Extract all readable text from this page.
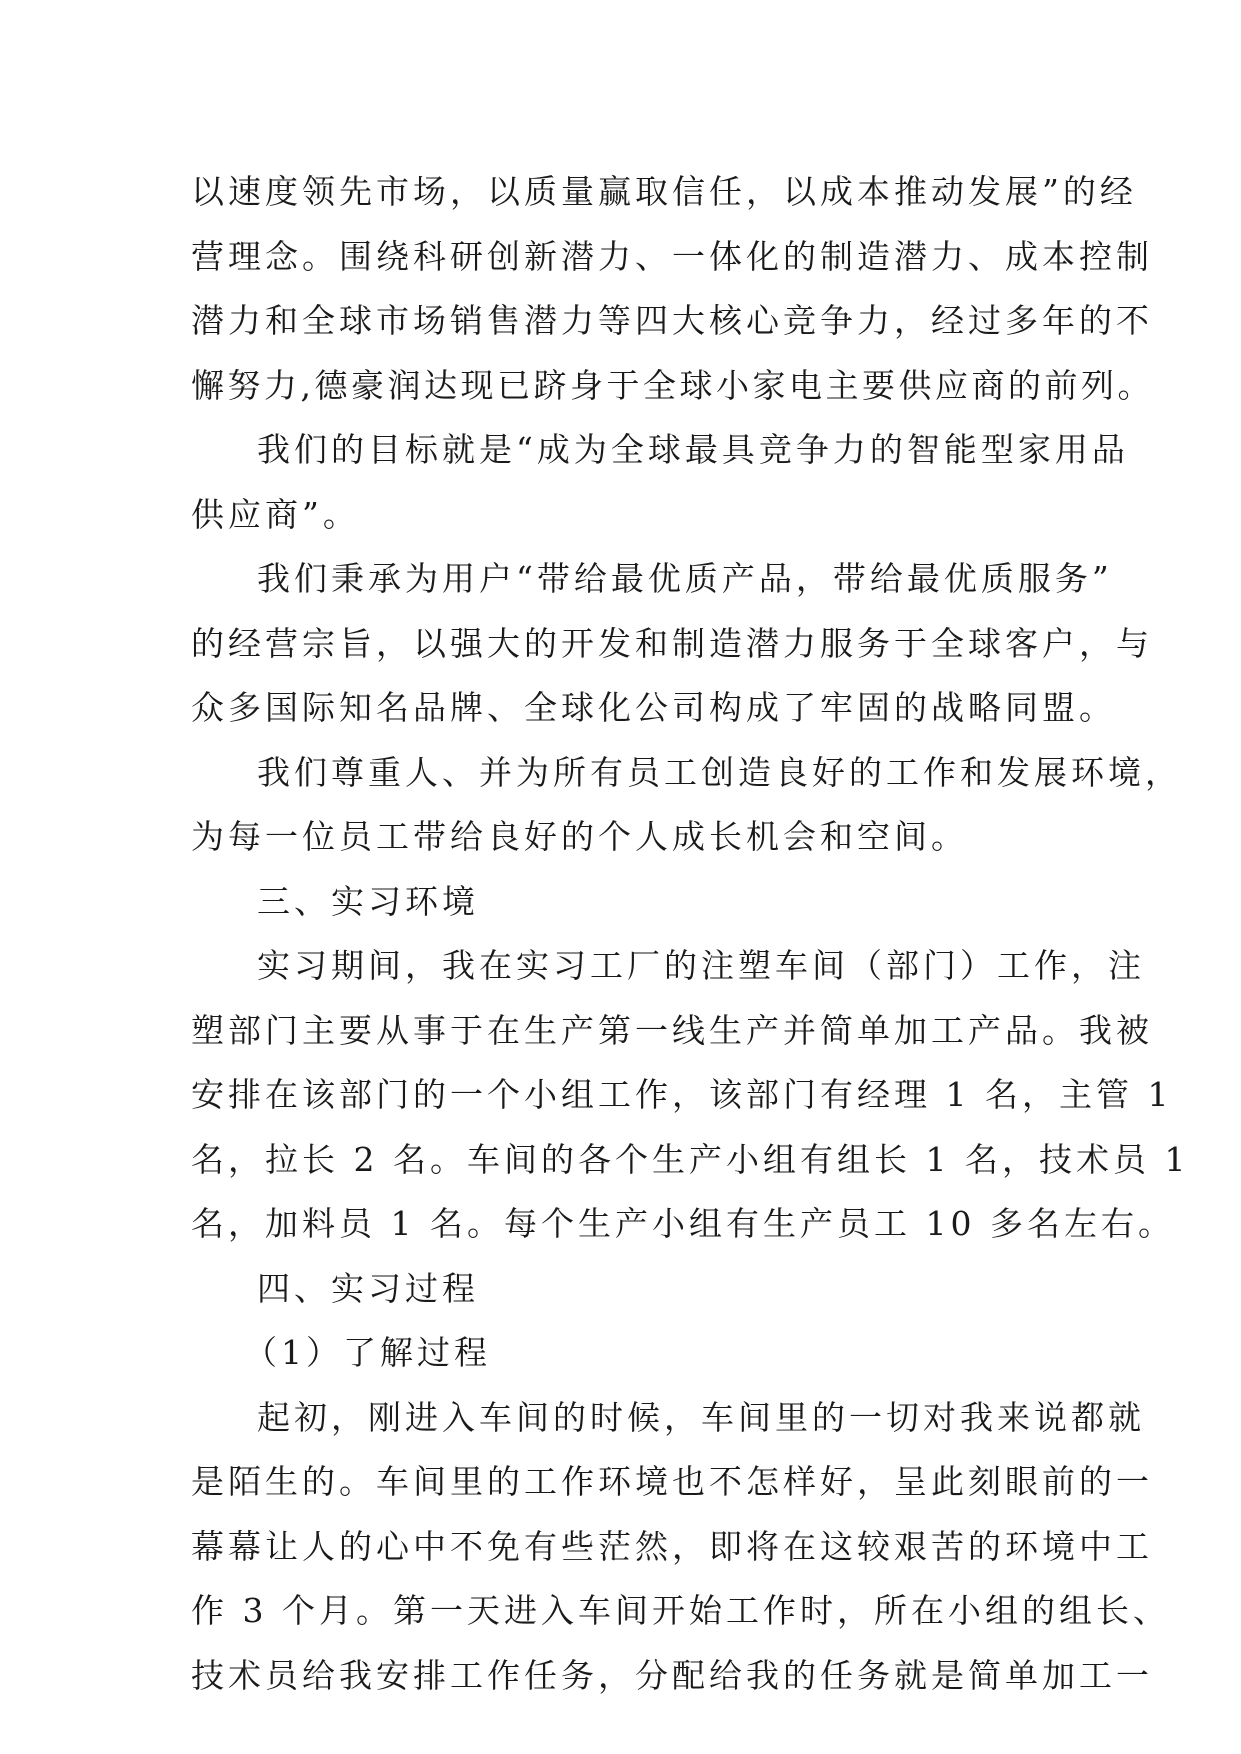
以速度领先市场，以质量赢取信任，以成本推动发展”的经
营理念。围绕科研创新潜力、一体化的制造潜力、成本控制
潜力和全球市场销售潜力等四大核心竞争力，经过多年的不
懈努力,德豪润达现已跻身于全球小家电主要供应商的前列。
我们的目标就是“成为全球最具竞争力的智能型家用品
供应商”。
我们秉承为用户“带给最优质产品，带给最优质服务”
的经营宗旨，以强大的开发和制造潜力服务于全球客户，与
众多国际知名品牌、全球化公司构成了牢固的战略同盟。
我们尊重人、并为所有员工创造良好的工作和发展环境，
为每一位员工带给良好的个人成长机会和空间。
三、实习环境
实习期间，我在实习工厂的注塑车间（部门）工作，注
塑部门主要从事于在生产第一线生产并简单加工产品。我被
安排在该部门的一个小组工作，该部门有经理 1 名，主管 1
名，拉长 2 名。车间的各个生产小组有组长 1 名，技术员 1
名，加料员 1 名。每个生产小组有生产员工 10 多名左右。
四、实习过程
（1）了解过程
起初，刚进入车间的时候，车间里的一切对我来说都就
是陌生的。车间里的工作环境也不怎样好，呈此刻眼前的一
幕幕让人的心中不免有些茫然，即将在这较艰苦的环境中工
作 3 个月。第一天进入车间开始工作时，所在小组的组长、
技术员给我安排工作任务，分配给我的任务就是简单加工一
